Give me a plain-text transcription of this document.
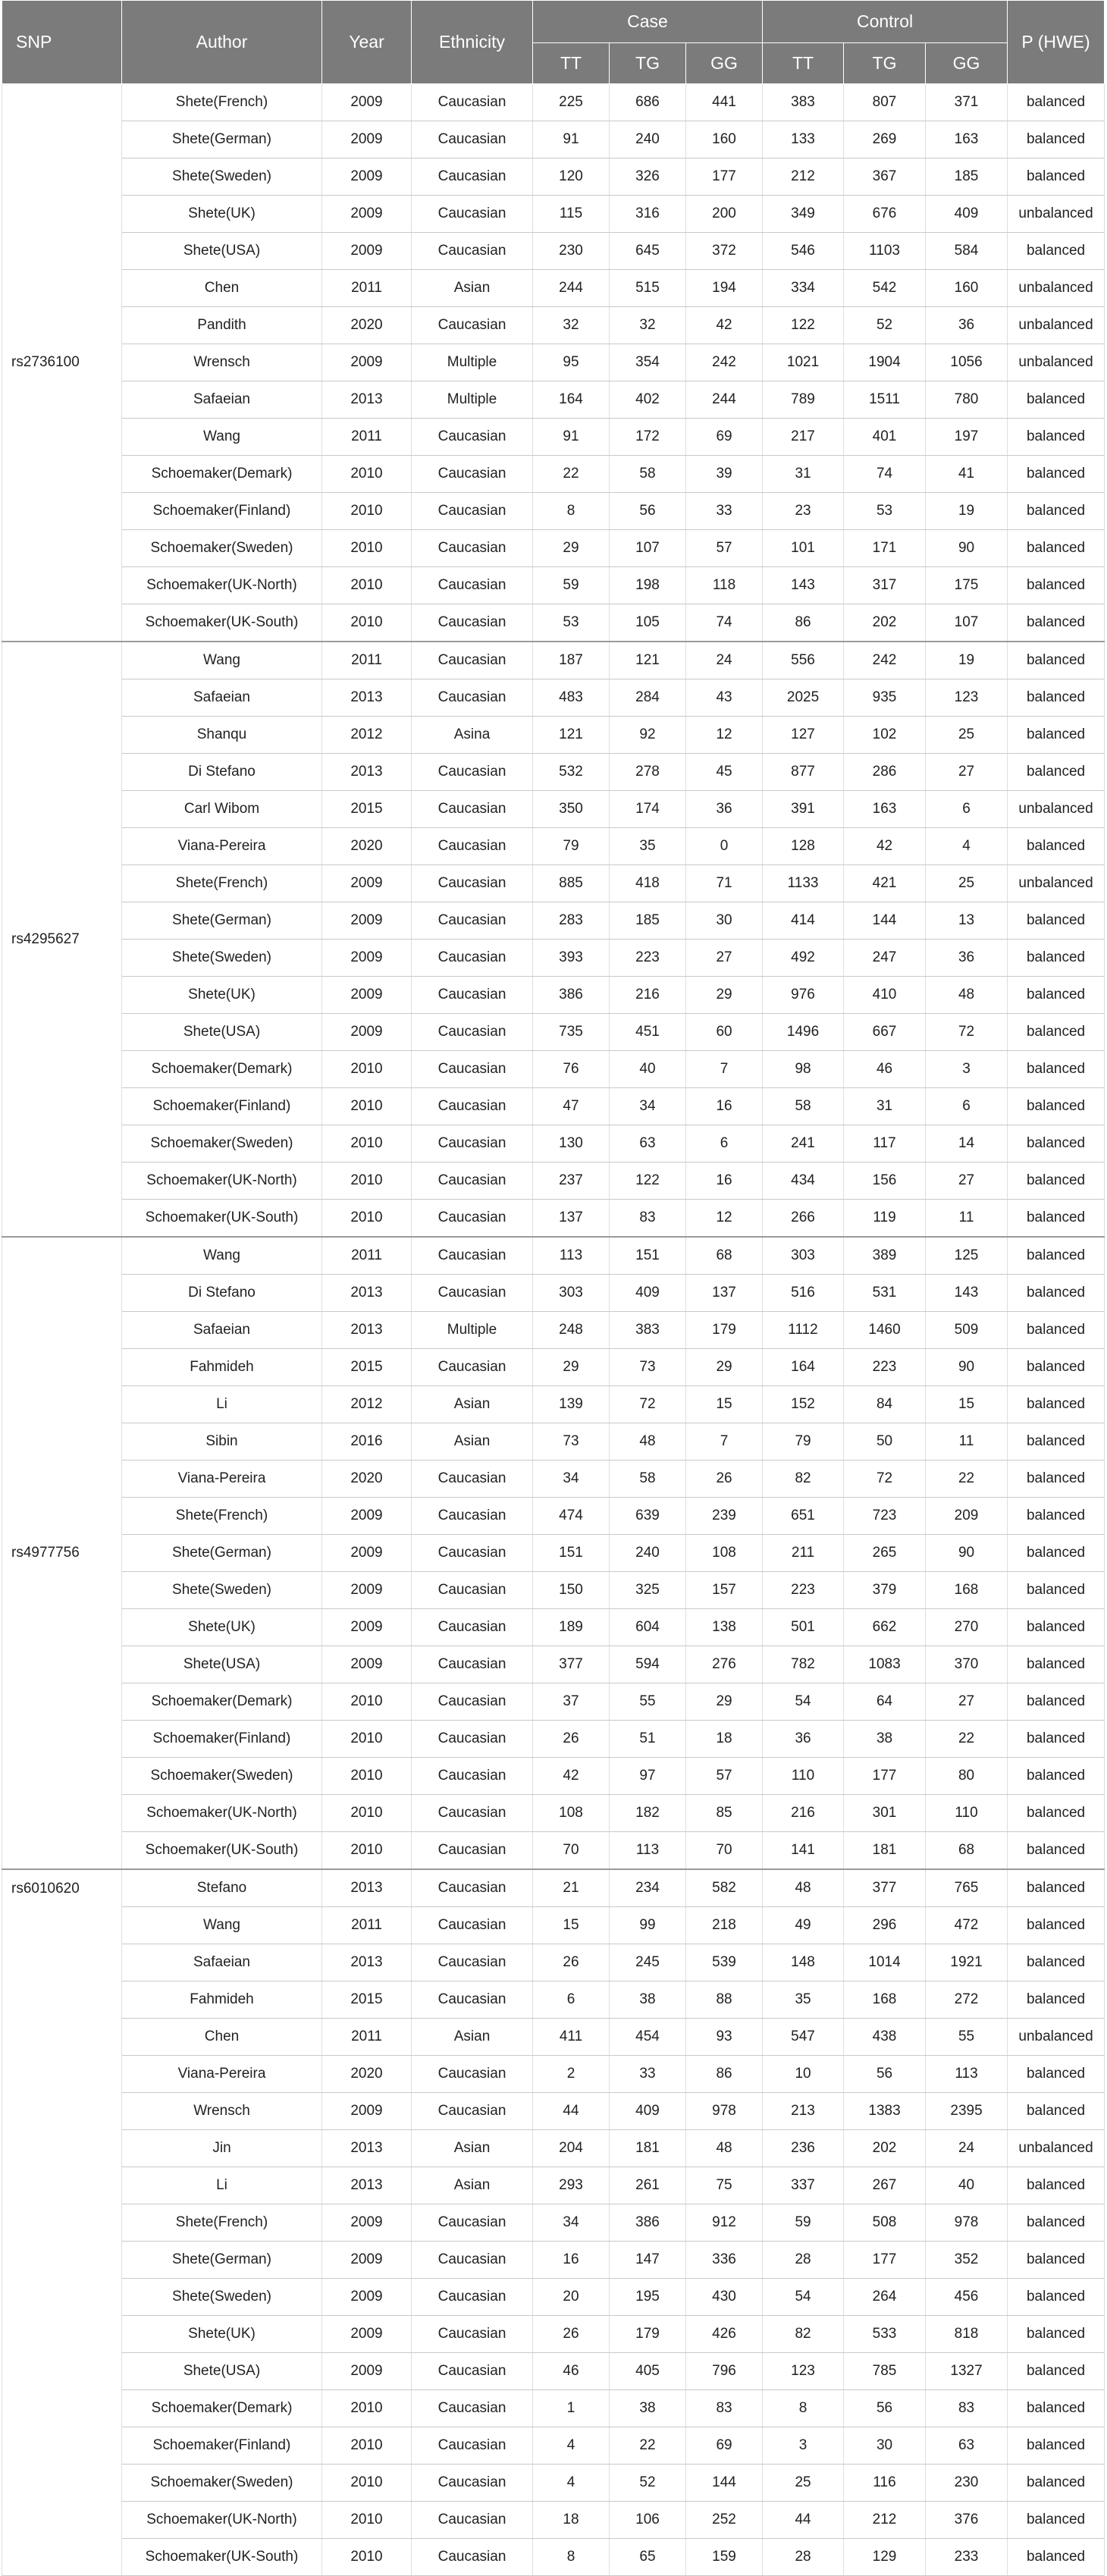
SNP	Author	Year	Ethnicity	Case			Control			P (HWE)
				TT	TG	GG	TT	TG	GG	
rs2736100	Shete(French)	2009	Caucasian	225	686	441	383	807	371	balanced
	Shete(German)	2009	Caucasian	91	240	160	133	269	163	balanced
	Shete(Sweden)	2009	Caucasian	120	326	177	212	367	185	balanced
	Shete(UK)	2009	Caucasian	115	316	200	349	676	409	unbalanced
	Shete(USA)	2009	Caucasian	230	645	372	546	1103	584	balanced
	Chen	2011	Asian	244	515	194	334	542	160	unbalanced
	Pandith	2020	Caucasian	32	32	42	122	52	36	unbalanced
	Wrensch	2009	Multiple	95	354	242	1021	1904	1056	unbalanced
	Safaeian	2013	Multiple	164	402	244	789	1511	780	balanced
	Wang	2011	Caucasian	91	172	69	217	401	197	balanced
	Schoemaker(Demark)	2010	Caucasian	22	58	39	31	74	41	balanced
	Schoemaker(Finland)	2010	Caucasian	8	56	33	23	53	19	balanced
	Schoemaker(Sweden)	2010	Caucasian	29	107	57	101	171	90	balanced
	Schoemaker(UK-North)	2010	Caucasian	59	198	118	143	317	175	balanced
	Schoemaker(UK-South)	2010	Caucasian	53	105	74	86	202	107	balanced
rs4295627	Wang	2011	Caucasian	187	121	24	556	242	19	balanced
	Safaeian	2013	Caucasian	483	284	43	2025	935	123	balanced
	Shanqu	2012	Asina	121	92	12	127	102	25	balanced
	Di Stefano	2013	Caucasian	532	278	45	877	286	27	balanced
	Carl Wibom	2015	Caucasian	350	174	36	391	163	6	unbalanced
	Viana-Pereira	2020	Caucasian	79	35	0	128	42	4	balanced
	Shete(French)	2009	Caucasian	885	418	71	1133	421	25	unbalanced
	Shete(German)	2009	Caucasian	283	185	30	414	144	13	balanced
	Shete(Sweden)	2009	Caucasian	393	223	27	492	247	36	balanced
	Shete(UK)	2009	Caucasian	386	216	29	976	410	48	balanced
	Shete(USA)	2009	Caucasian	735	451	60	1496	667	72	balanced
	Schoemaker(Demark)	2010	Caucasian	76	40	7	98	46	3	balanced
	Schoemaker(Finland)	2010	Caucasian	47	34	16	58	31	6	balanced
	Schoemaker(Sweden)	2010	Caucasian	130	63	6	241	117	14	balanced
	Schoemaker(UK-North)	2010	Caucasian	237	122	16	434	156	27	balanced
	Schoemaker(UK-South)	2010	Caucasian	137	83	12	266	119	11	balanced
rs4977756	Wang	2011	Caucasian	113	151	68	303	389	125	balanced
	Di Stefano	2013	Caucasian	303	409	137	516	531	143	balanced
	Safaeian	2013	Multiple	248	383	179	1112	1460	509	balanced
	Fahmideh	2015	Caucasian	29	73	29	164	223	90	balanced
	Li	2012	Asian	139	72	15	152	84	15	balanced
	Sibin	2016	Asian	73	48	7	79	50	11	balanced
	Viana-Pereira	2020	Caucasian	34	58	26	82	72	22	balanced
	Shete(French)	2009	Caucasian	474	639	239	651	723	209	balanced
	Shete(German)	2009	Caucasian	151	240	108	211	265	90	balanced
	Shete(Sweden)	2009	Caucasian	150	325	157	223	379	168	balanced
	Shete(UK)	2009	Caucasian	189	604	138	501	662	270	balanced
	Shete(USA)	2009	Caucasian	377	594	276	782	1083	370	balanced
	Schoemaker(Demark)	2010	Caucasian	37	55	29	54	64	27	balanced
	Schoemaker(Finland)	2010	Caucasian	26	51	18	36	38	22	balanced
	Schoemaker(Sweden)	2010	Caucasian	42	97	57	110	177	80	balanced
	Schoemaker(UK-North)	2010	Caucasian	108	182	85	216	301	110	balanced
	Schoemaker(UK-South)	2010	Caucasian	70	113	70	141	181	68	balanced
rs6010620	Stefano	2013	Caucasian	21	234	582	48	377	765	balanced
	Wang	2011	Caucasian	15	99	218	49	296	472	balanced
	Safaeian	2013	Caucasian	26	245	539	148	1014	1921	balanced
	Fahmideh	2015	Caucasian	6	38	88	35	168	272	balanced
	Chen	2011	Asian	411	454	93	547	438	55	unbalanced
	Viana-Pereira	2020	Caucasian	2	33	86	10	56	113	balanced
	Wrensch	2009	Caucasian	44	409	978	213	1383	2395	balanced
	Jin	2013	Asian	204	181	48	236	202	24	unbalanced
	Li	2013	Asian	293	261	75	337	267	40	balanced
	Shete(French)	2009	Caucasian	34	386	912	59	508	978	balanced
	Shete(German)	2009	Caucasian	16	147	336	28	177	352	balanced
	Shete(Sweden)	2009	Caucasian	20	195	430	54	264	456	balanced
	Shete(UK)	2009	Caucasian	26	179	426	82	533	818	balanced
	Shete(USA)	2009	Caucasian	46	405	796	123	785	1327	balanced
	Schoemaker(Demark)	2010	Caucasian	1	38	83	8	56	83	balanced
	Schoemaker(Finland)	2010	Caucasian	4	22	69	3	30	63	balanced
	Schoemaker(Sweden)	2010	Caucasian	4	52	144	25	116	230	balanced
	Schoemaker(UK-North)	2010	Caucasian	18	106	252	44	212	376	balanced
	Schoemaker(UK-South)	2010	Caucasian	8	65	159	28	129	233	balanced
